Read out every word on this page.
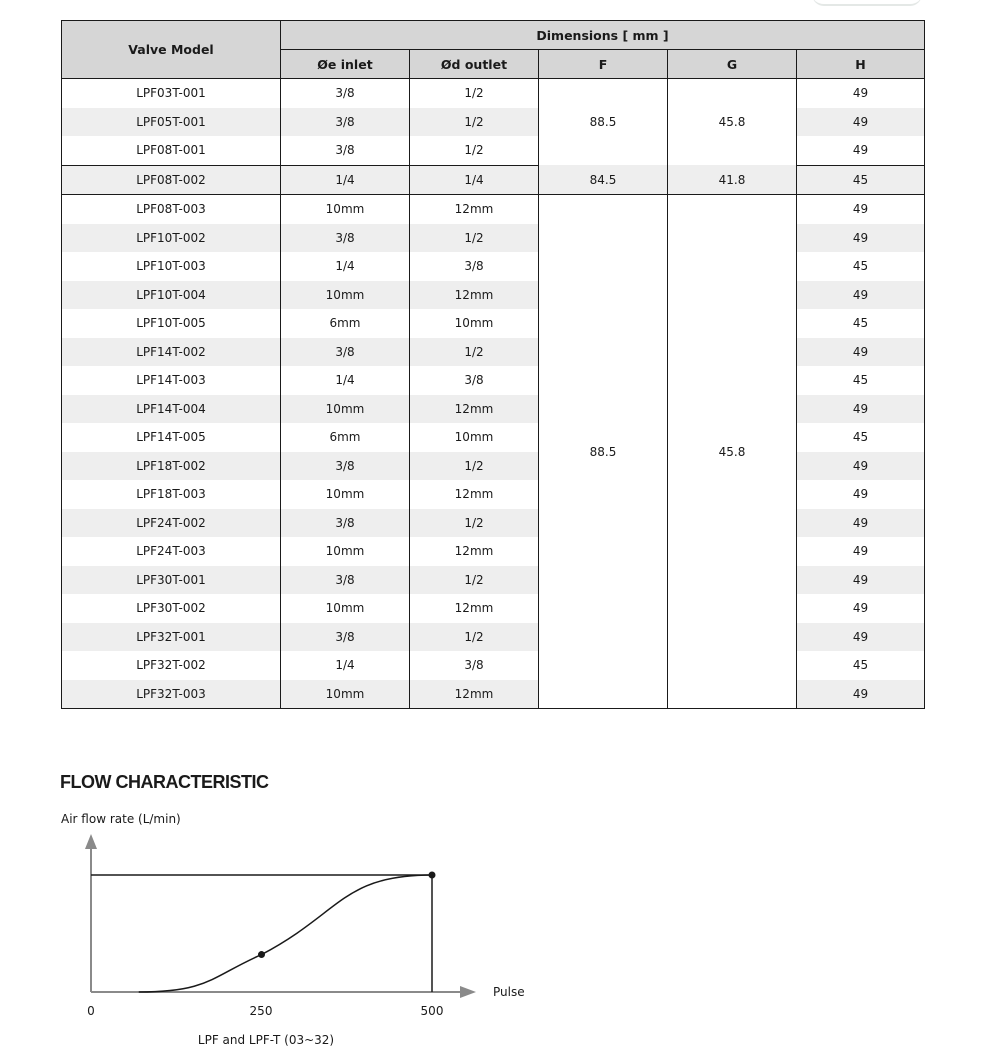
Valve Model	Dimensions [ mm ]				
	Øe inlet	Ød outlet	F	G	H
LPF03T-001	3/8	1/2	88.5	45.8	49
LPF05T-001	3/8	1/2			49
LPF08T-001	3/8	1/2			49
LPF08T-002	1/4	1/4	84.5	41.8	45
LPF08T-003	10mm	12mm	88.5	45.8	49
LPF10T-002	3/8	1/2			49
LPF10T-003	1/4	3/8			45
LPF10T-004	10mm	12mm			49
LPF10T-005	6mm	10mm			45
LPF14T-002	3/8	1/2			49
LPF14T-003	1/4	3/8			45
LPF14T-004	10mm	12mm			49
LPF14T-005	6mm	10mm			45
LPF18T-002	3/8	1/2			49
LPF18T-003	10mm	12mm			49
LPF24T-002	3/8	1/2			49
LPF24T-003	10mm	12mm			49
LPF30T-001	3/8	1/2			49
LPF30T-002	10mm	12mm			49
LPF32T-001	3/8	1/2			49
LPF32T-002	1/4	3/8			45
LPF32T-003	10mm	12mm			49
FLOW CHARACTERISTIC
Air flow rate (L/min)
Pulse
0	250	500
LPF and LPF-T (03~32)
